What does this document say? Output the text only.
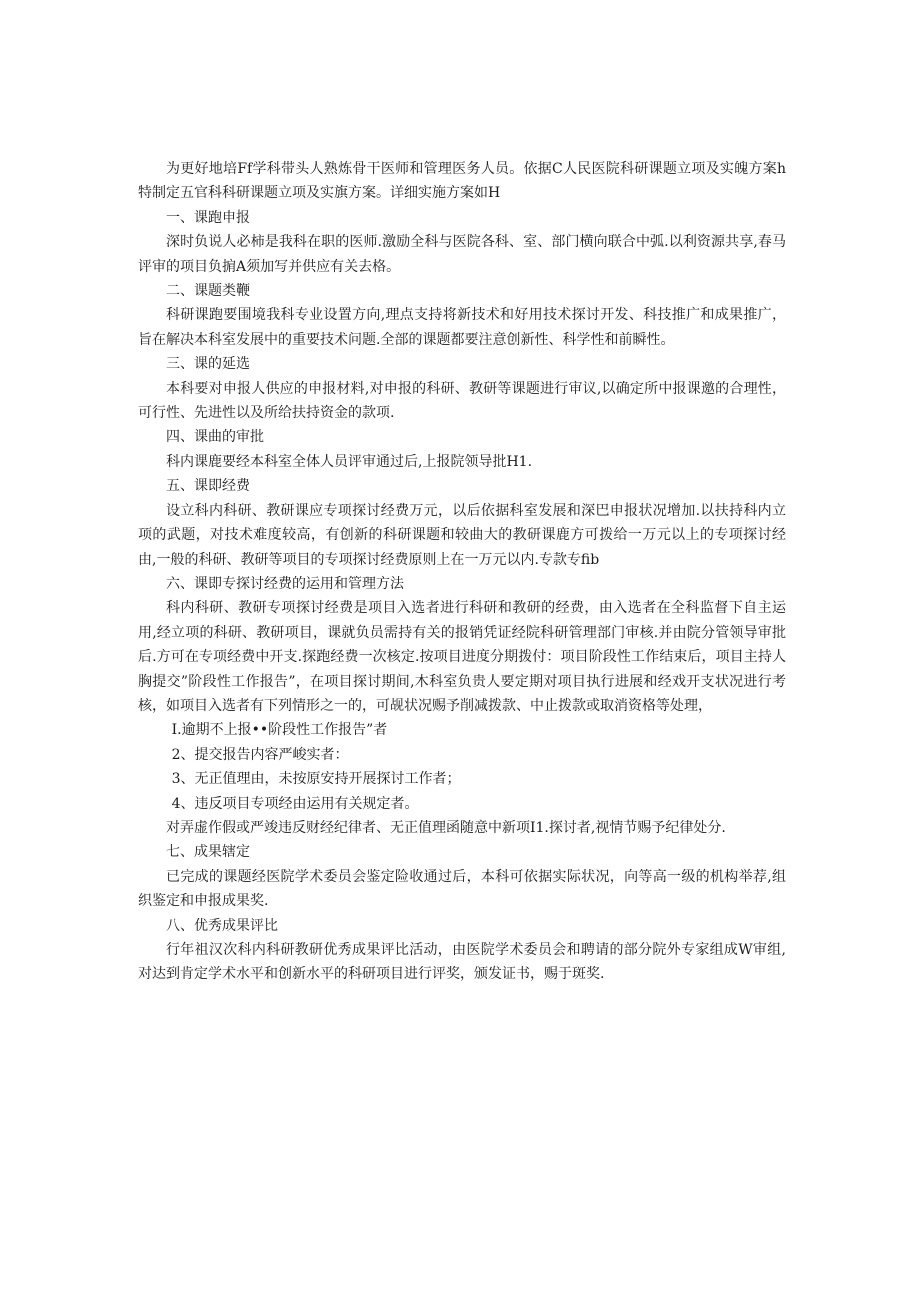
为更好地培Ff学科带头人熟炼骨干医师和管理医务人员。依据C人民医院科研课题立项及实魄方案h特制定五官科科研课题立项及实旗方案。详细实施方案如H

一、课跑申报

深时负说人必柿是我科在职的医师.激励全科与医院各科、室、部门横向联合中弧.以利资源共享,春马评审的项目负掮A须加写并供应有关去格。

二、课题类鞭

科研课跑要围境我科专业设置方向,理点支持将新技术和好用技术探讨开发、科技推广和成果推广，旨在解决本科室发展中的重要技术问题.全部的课题都要注意创新性、科学性和前瞬性。

三、课的延选

本科要对申报人供应的申报材料,对申报的科研、教研等课题进行审议,以确定所中报课邀的合理性，可行性、先进性以及所给扶持资金的款项.

四、课曲的审批

科内课鹿要经本科室全体人员评审通过后,上报院领导批H1.

五、课即经费

设立科内科研、教研课应专项探讨经费万元，以后依据科室发展和深巴申报状况增加.以扶持科内立项的武题，对技术难度较高，有创新的科研课题和较曲大的教研课鹿方可拨给一万元以上的专项探讨经由,一般的科研、教研等项目的专项探讨经费原则上在一万元以内.专款专fib

六、课即专探讨经费的运用和管理方法

科内科研、教研专项探讨经费是项目入选者进行科研和教研的经费，由入选者在全科监督下自主运用,经立项的科研、教研项目，课就负员需持有关的报销凭证经院科研管理部门审核.并由院分管领导审批后.方可在专项经费中开支.探跑经费一次核定.按项目进度分期拨付：项目阶段性工作结束后，项目主持人胸提交”阶段性工作报告”，在项目探讨期间,木科室负贵人要定期对项目执行进展和经戏开支状况进行考核，如项目入选者有下列情形之一的，可觇状况赐予削减拨款、中止拨款或取消资格等处理，

I.逾期不上报••阶段性工作报告”者

2、提交报告内容严峻实者：

3、无正值理由，未按原安持开展探讨工作者；

4、违反项目专项经由运用有关规定者。

对弄虚作假或严竣违反财经纪律者、无正值理函随意中新项I1.探讨者,视情节赐予纪律处分.

七、成果辖定

已完成的课题经医院学术委员会鉴定险收通过后，本科可依据实际状况，向等高一级的机构举荐,组织鉴定和申报成果奖.

八、优秀成果评比

行年祖汉次科内科研教研优秀成果评比活动，由医院学术委员会和聘请的部分院外专家组成W审组,对达到肯定学术水平和创新水平的科研项目进行评奖，颁发证书，赐于斑奖.
